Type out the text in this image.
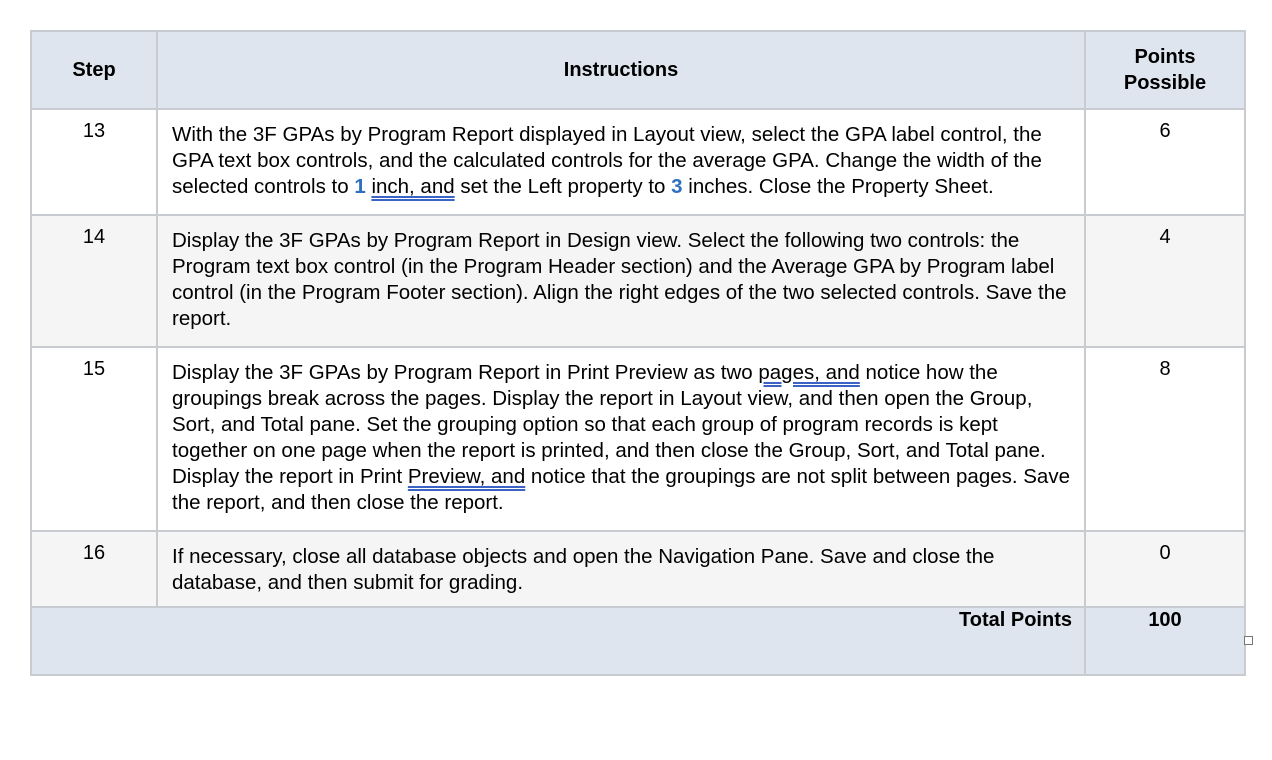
Step	Instructions	Points
Possible
13	With the 3F GPAs by Program Report displayed in Layout view, select the GPA label control, the GPA text box controls, and the calculated controls for the average GPA. Change the width of the selected controls to 1 inch, and set the Left property to 3 inches. Close the Property Sheet.	6
14	Display the 3F GPAs by Program Report in Design view. Select the following two controls: the Program text box control (in the Program Header section) and the Average GPA by Program label control (in the Program Footer section). Align the right edges of the two selected controls. Save the report.	4
15	Display the 3F GPAs by Program Report in Print Preview as two pages, and notice how the groupings break across the pages. Display the report in Layout view, and then open the Group, Sort, and Total pane. Set the grouping option so that each group of program records is kept together on one page when the report is printed, and then close the Group, Sort, and Total pane. Display the report in Print Preview, and notice that the groupings are not split between pages. Save the report, and then close the report.	8
16	If necessary, close all database objects and open the Navigation Pane. Save and close the database, and then submit for grading.	0
Total Points		100
